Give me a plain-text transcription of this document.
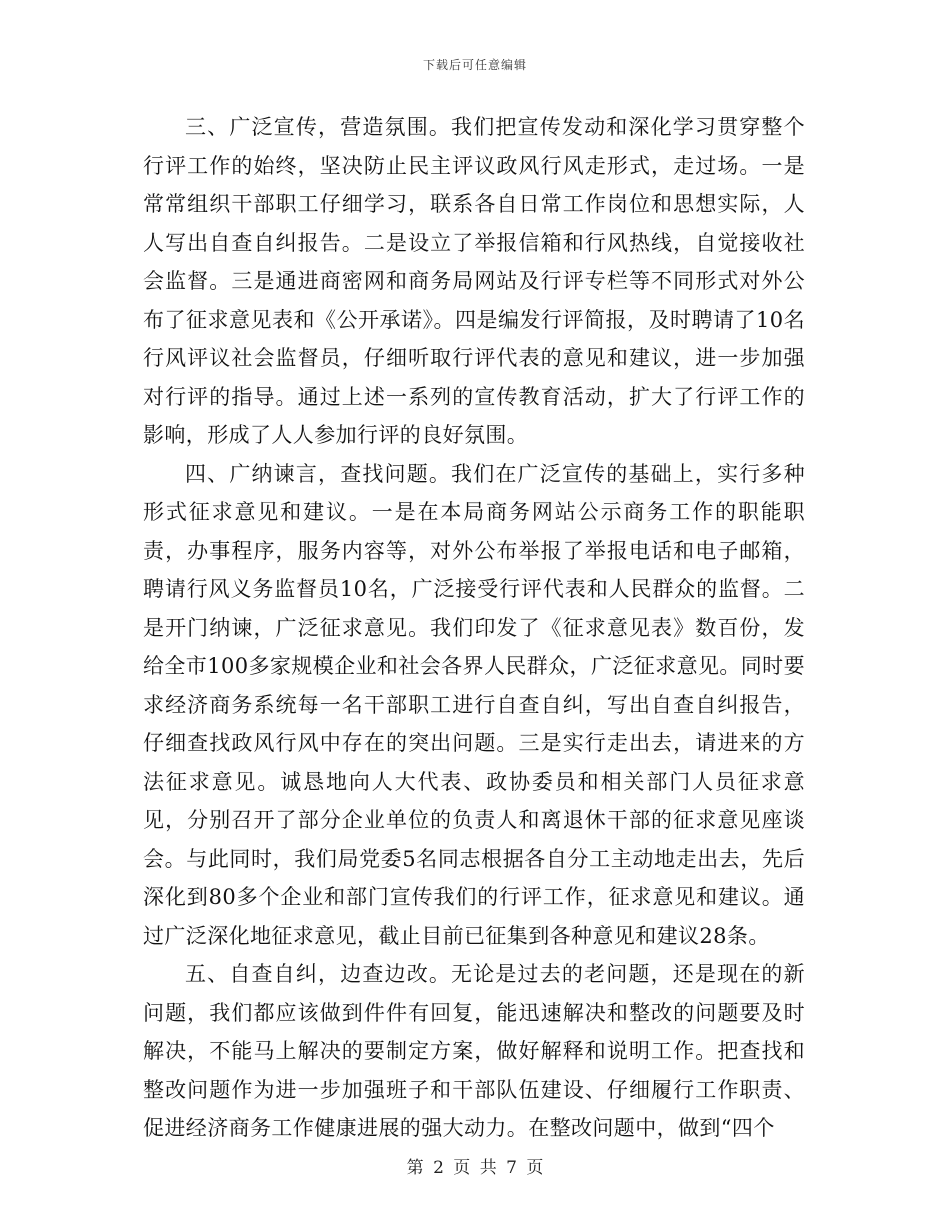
下载后可任意编辑

三、广泛宣传，营造氛围。我们把宣传发动和深化学习贯穿整个行评工作的始终，坚决防止民主评议政风行风走形式，走过场。一是常常组织干部职工仔细学习，联系各自日常工作岗位和思想实际，人人写出自查自纠报告。二是设立了举报信箱和行风热线，自觉接收社会监督。三是通进商密网和商务局网站及行评专栏等不同形式对外公布了征求意见表和《公开承诺》。四是编发行评简报，及时聘请了10名行风评议社会监督员，仔细听取行评代表的意见和建议，进一步加强对行评的指导。通过上述一系列的宣传教育活动，扩大了行评工作的影响，形成了人人参加行评的良好氛围。

四、广纳谏言，查找问题。我们在广泛宣传的基础上，实行多种形式征求意见和建议。一是在本局商务网站公示商务工作的职能职责，办事程序，服务内容等，对外公布举报了举报电话和电子邮箱，聘请行风义务监督员10名，广泛接受行评代表和人民群众的监督。二是开门纳谏，广泛征求意见。我们印发了《征求意见表》数百份，发给全市100多家规模企业和社会各界人民群众，广泛征求意见。同时要求经济商务系统每一名干部职工进行自查自纠，写出自查自纠报告，仔细查找政风行风中存在的突出问题。三是实行走出去，请进来的方法征求意见。诚恳地向人大代表、政协委员和相关部门人员征求意见，分别召开了部分企业单位的负责人和离退休干部的征求意见座谈会。与此同时，我们局党委5名同志根据各自分工主动地走出去，先后深化到80多个企业和部门宣传我们的行评工作，征求意见和建议。通过广泛深化地征求意见，截止目前已征集到各种意见和建议28条。

五、自查自纠，边查边改。无论是过去的老问题，还是现在的新问题，我们都应该做到件件有回复，能迅速解决和整改的问题要及时解决，不能马上解决的要制定方案，做好解释和说明工作。把查找和整改问题作为进一步加强班子和干部队伍建设、仔细履行工作职责、促进经济商务工作健康进展的强大动力。在整改问题中，做到“四个

第 2 页 共 7 页
